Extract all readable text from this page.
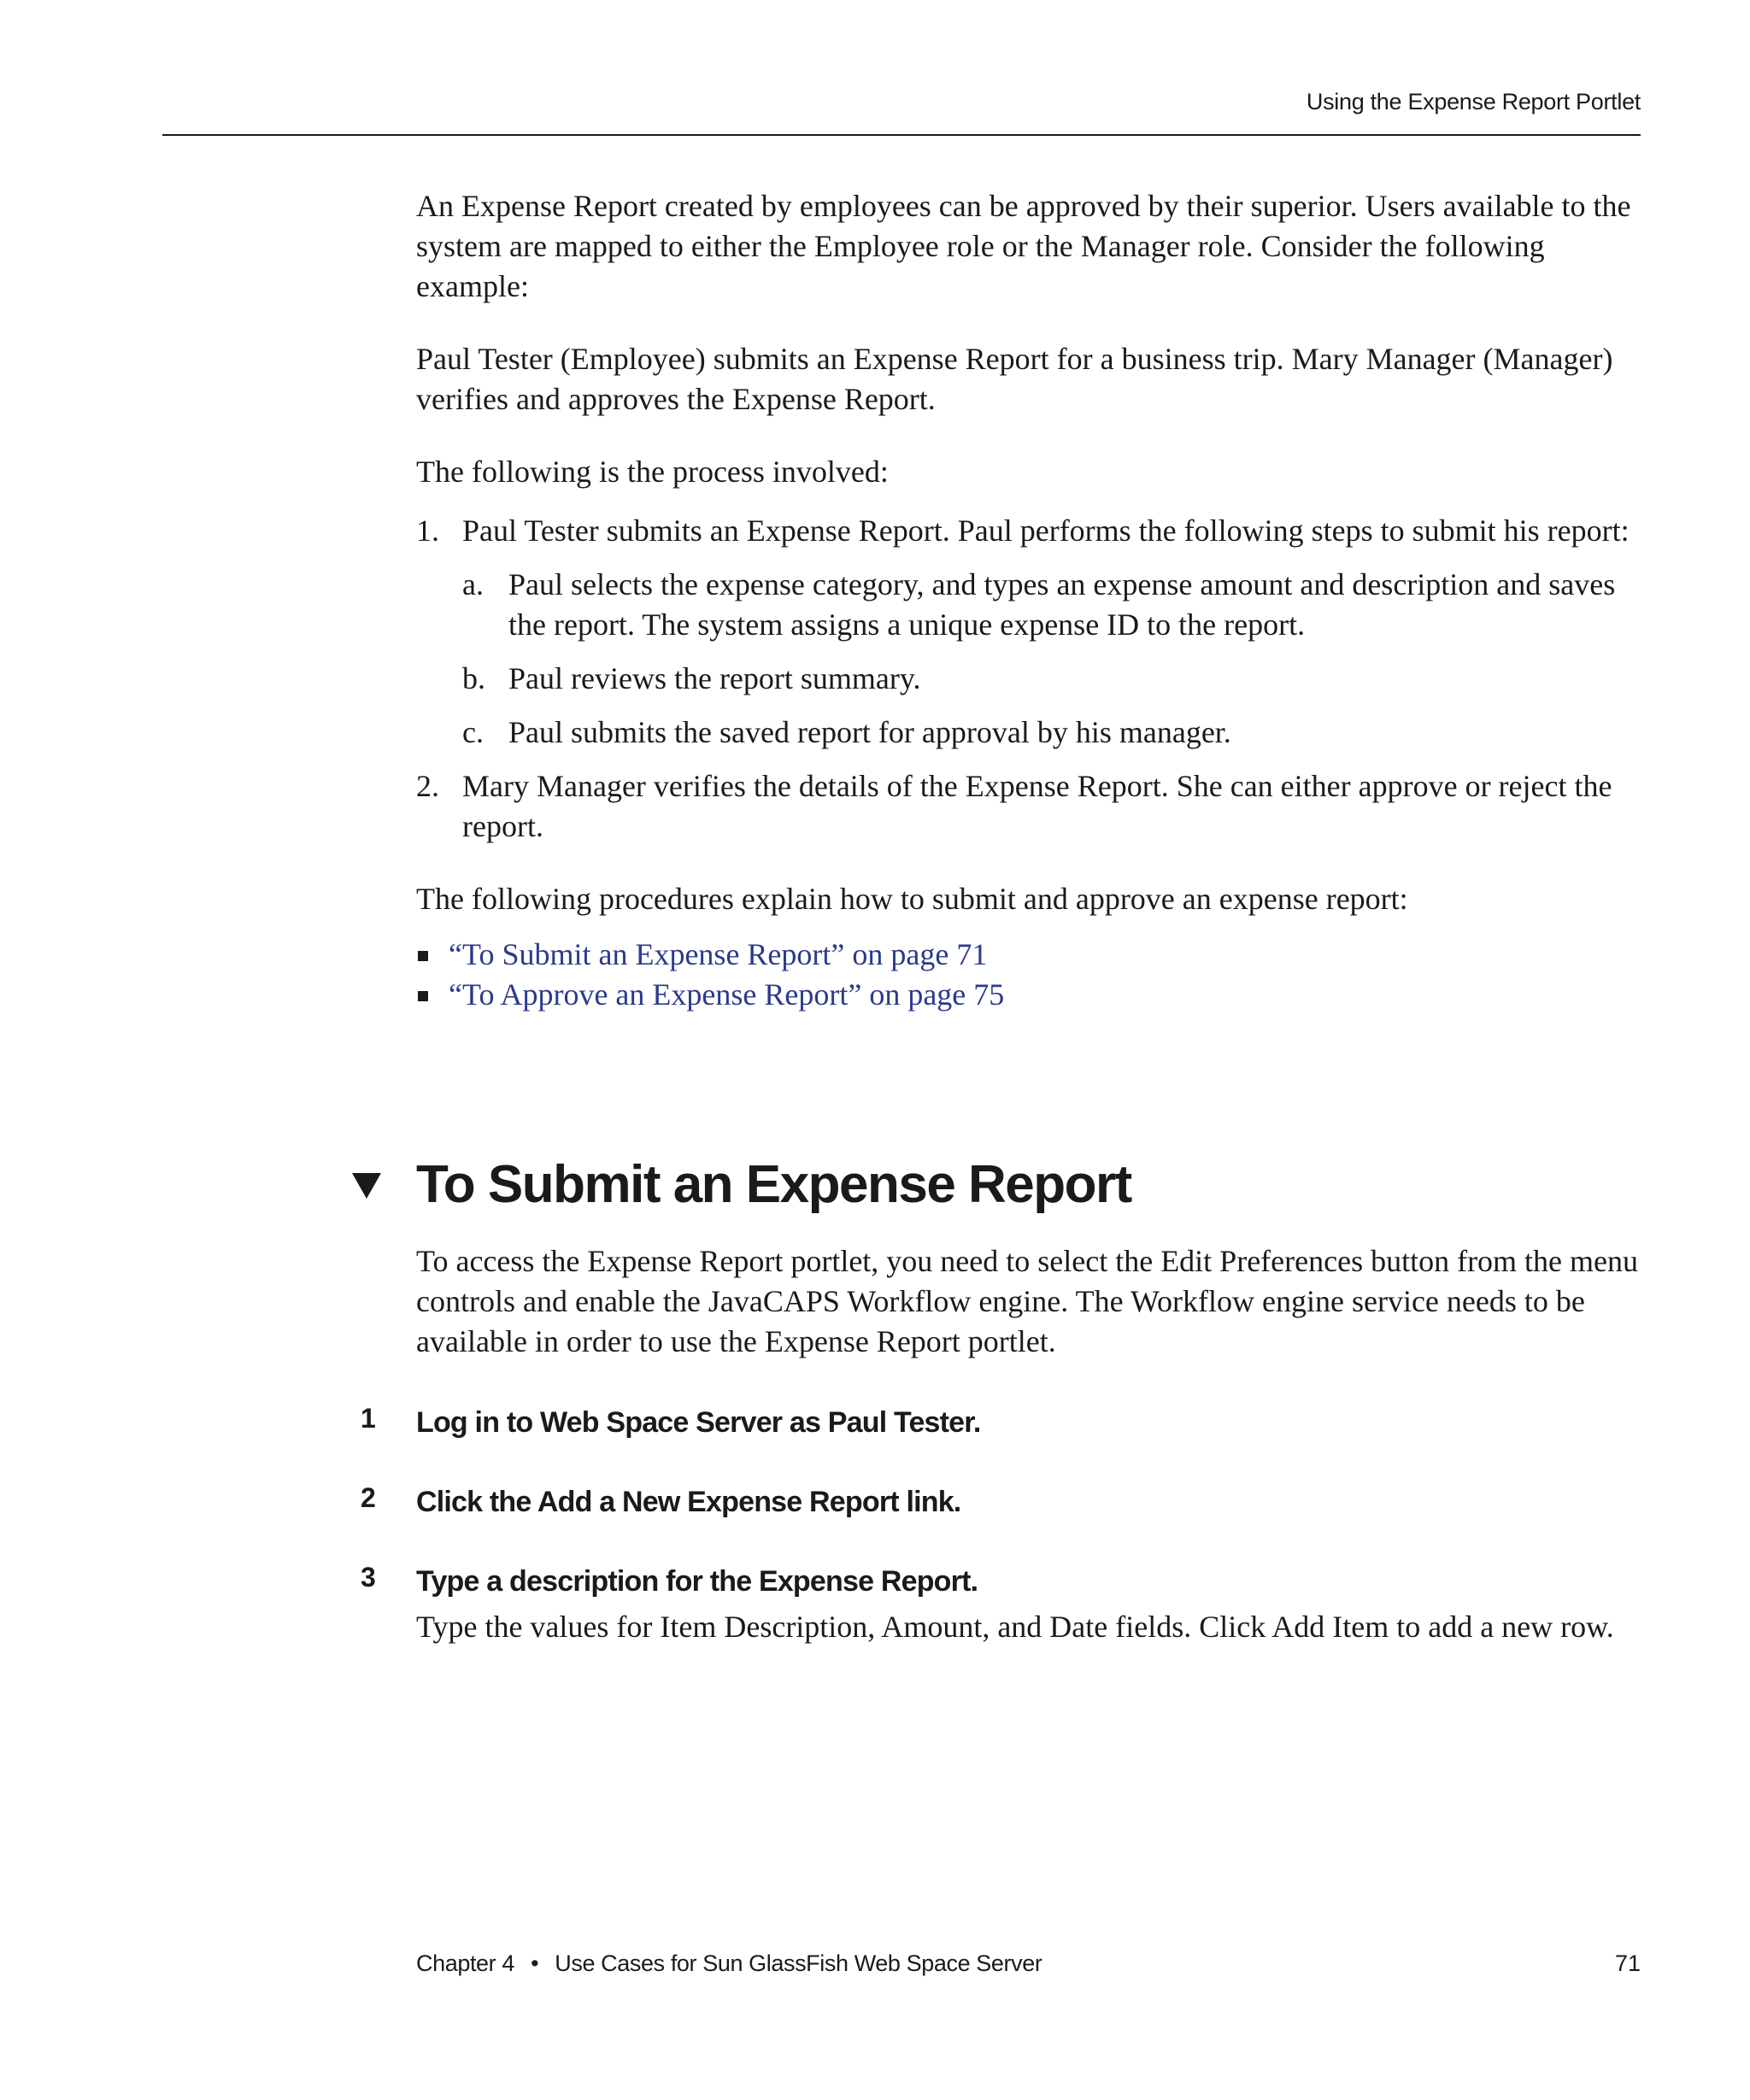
Using the Expense Report Portlet

An Expense Report created by employees can be approved by their superior. Users available to the system are mapped to either the Employee role or the Manager role. Consider the following example:

Paul Tester (Employee) submits an Expense Report for a business trip. Mary Manager (Manager) verifies and approves the Expense Report.

The following is the process involved:

1. Paul Tester submits an Expense Report. Paul performs the following steps to submit his report:
a. Paul selects the expense category, and types an expense amount and description and saves the report. The system assigns a unique expense ID to the report.
b. Paul reviews the report summary.
c. Paul submits the saved report for approval by his manager.
2. Mary Manager verifies the details of the Expense Report. She can either approve or reject the report.

The following procedures explain how to submit and approve an expense report:

“To Submit an Expense Report” on page 71
“To Approve an Expense Report” on page 75
To Submit an Expense Report

To access the Expense Report portlet, you need to select the Edit Preferences button from the menu controls and enable the JavaCAPS Workflow engine. The Workflow engine service needs to be available in order to use the Expense Report portlet.

1 Log in to Web Space Server as Paul Tester.
2 Click the Add a New Expense Report link.
3 Type a description for the Expense Report.
Type the values for Item Description, Amount, and Date fields. Click Add Item to add a new row.
Chapter 4 • Use Cases for Sun GlassFish Web Space Server	71
